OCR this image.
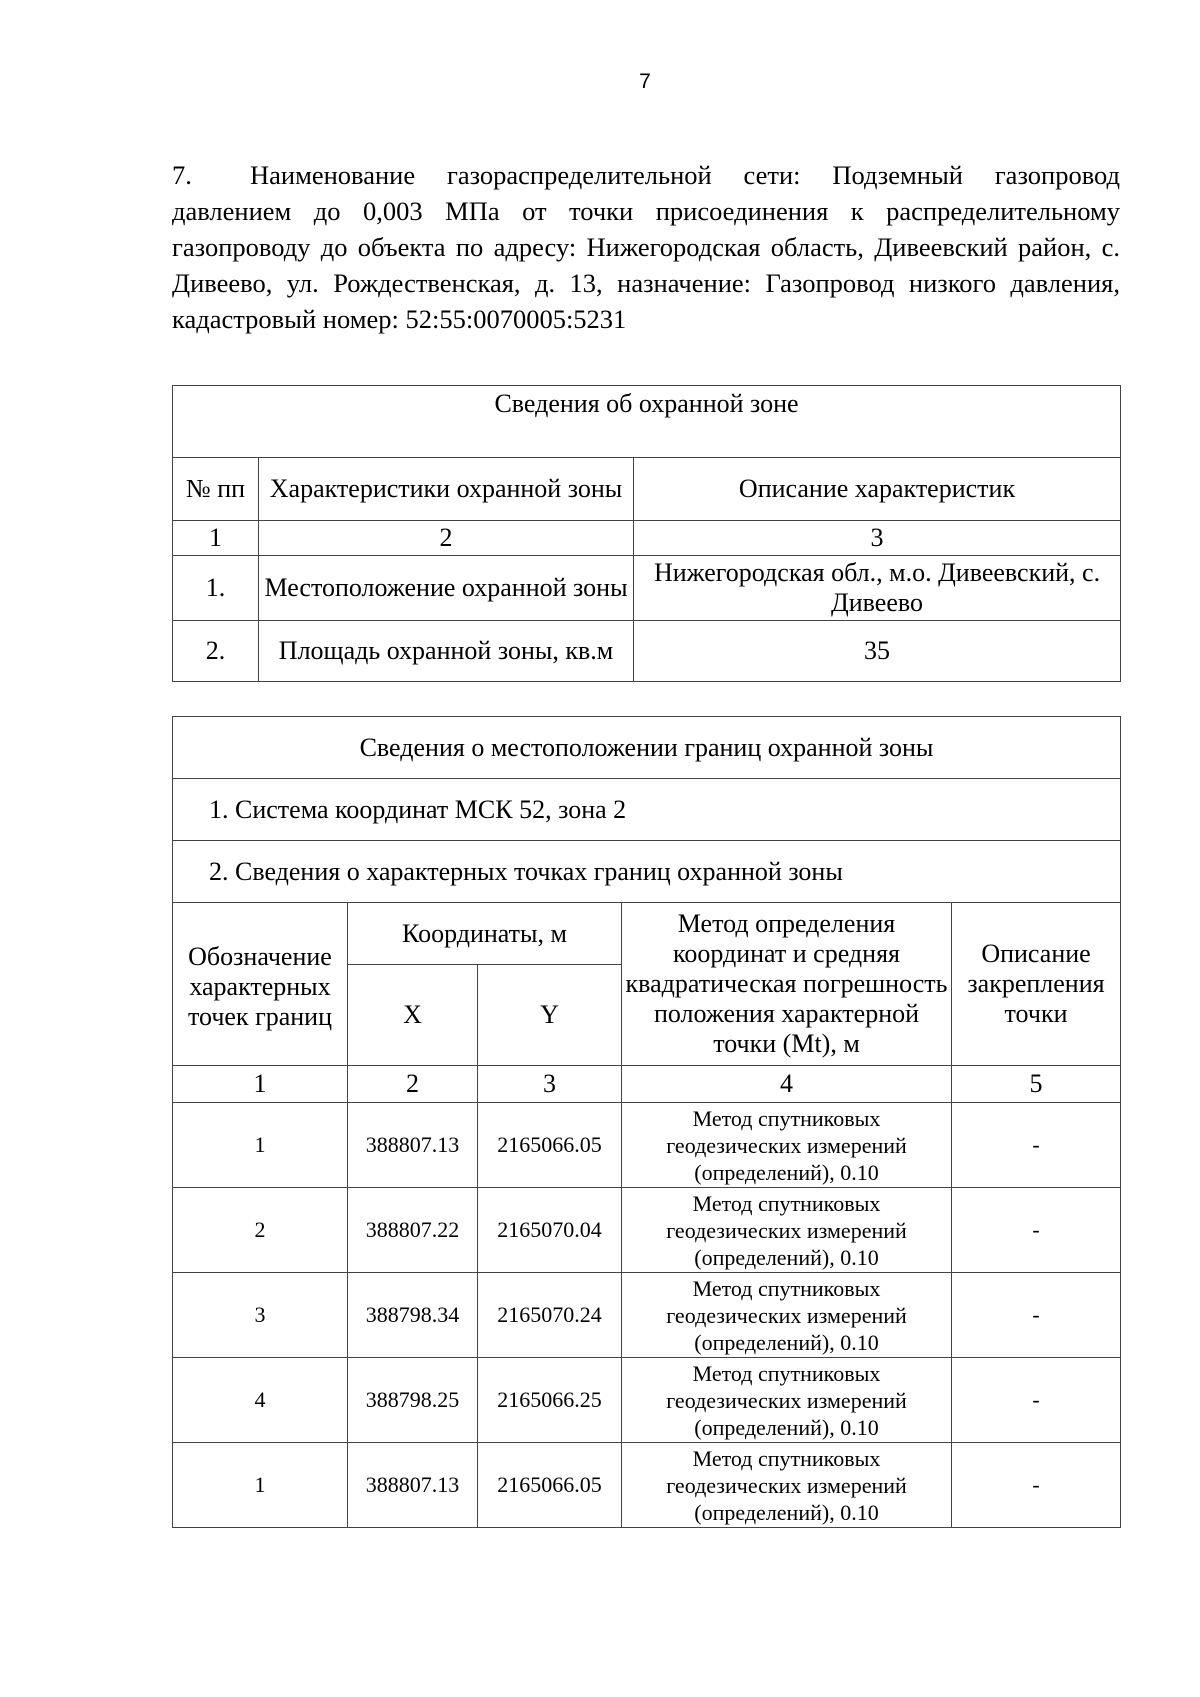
7
7. Наименование газораспределительной сети: Подземный газопровод давлением до 0,003 МПа от точки присоединения к распределительному газопроводу до объекта по адресу: Нижегородская область, Дивеевский район, с. Дивеево, ул. Рождественская, д. 13, назначение: Газопровод низкого давления, кадастровый номер: 52:55:0070005:5231
Сведения об охранной зоне		
№ пп	Характеристики охранной зоны	Описание характеристик
1	2	3
1.	Местоположение охранной зоны	Нижегородская обл., м.о. Дивеевский, с. Дивеево
2.	Площадь охранной зоны, кв.м	35
Сведения о местоположении границ охранной зоны				
1. Система координат МСК 52, зона 2				
2. Сведения о характерных точках границ охранной зоны				
Обозначение характерных точек границ	Координаты, м		Метод определения координат и средняя квадратическая погрешность положения характерной точки (Mt), м	Описание закрепления точки
	X	Y		
1	2	3	4	5
1	388807.13	2165066.05	Метод спутниковых геодезических измерений (определений), 0.10	-
2	388807.22	2165070.04	Метод спутниковых геодезических измерений (определений), 0.10	-
3	388798.34	2165070.24	Метод спутниковых геодезических измерений (определений), 0.10	-
4	388798.25	2165066.25	Метод спутниковых геодезических измерений (определений), 0.10	-
1	388807.13	2165066.05	Метод спутниковых геодезических измерений (определений), 0.10	-
